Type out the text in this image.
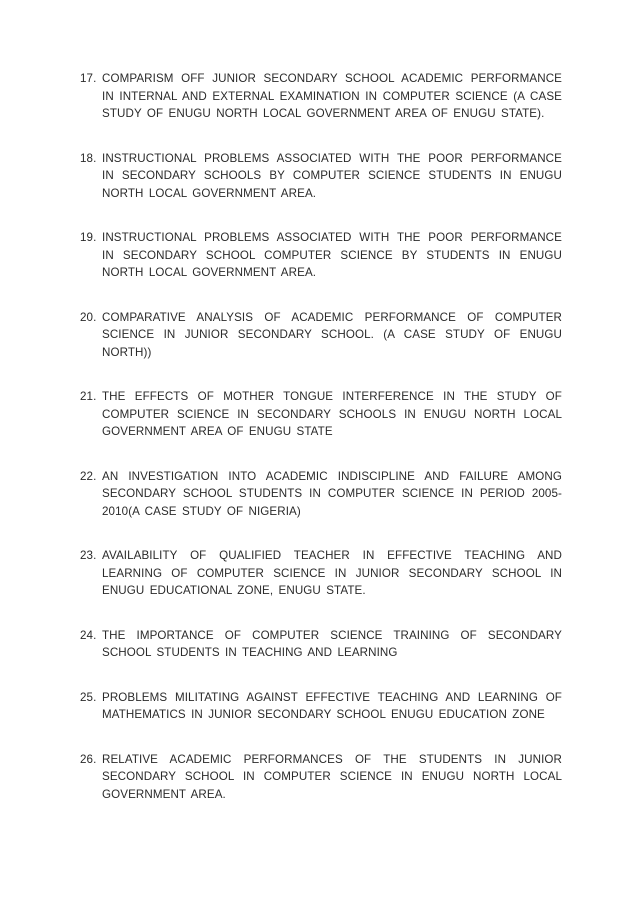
17. COMPARISM OFF JUNIOR SECONDARY SCHOOL ACADEMIC PERFORMANCE IN INTERNAL AND EXTERNAL EXAMINATION IN COMPUTER SCIENCE (A CASE STUDY OF ENUGU NORTH LOCAL GOVERNMENT AREA OF ENUGU STATE).
18. INSTRUCTIONAL PROBLEMS ASSOCIATED WITH THE POOR PERFORMANCE IN SECONDARY SCHOOLS BY COMPUTER SCIENCE STUDENTS IN ENUGU NORTH LOCAL GOVERNMENT AREA.
19. INSTRUCTIONAL PROBLEMS ASSOCIATED WITH THE POOR PERFORMANCE IN SECONDARY SCHOOL COMPUTER SCIENCE BY STUDENTS IN ENUGU NORTH LOCAL GOVERNMENT AREA.
20. COMPARATIVE ANALYSIS OF ACADEMIC PERFORMANCE OF COMPUTER SCIENCE IN JUNIOR SECONDARY SCHOOL. (A CASE STUDY OF ENUGU NORTH))
21. THE EFFECTS OF MOTHER TONGUE INTERFERENCE IN THE STUDY OF COMPUTER SCIENCE IN SECONDARY SCHOOLS IN ENUGU NORTH LOCAL GOVERNMENT AREA OF ENUGU STATE
22. AN INVESTIGATION INTO ACADEMIC INDISCIPLINE AND FAILURE AMONG SECONDARY SCHOOL STUDENTS IN COMPUTER SCIENCE IN PERIOD 2005-2010(A CASE STUDY OF NIGERIA)
23. AVAILABILITY OF QUALIFIED TEACHER IN EFFECTIVE TEACHING AND LEARNING OF COMPUTER SCIENCE IN JUNIOR SECONDARY SCHOOL IN ENUGU EDUCATIONAL ZONE, ENUGU STATE.
24. THE IMPORTANCE OF COMPUTER SCIENCE TRAINING OF SECONDARY SCHOOL STUDENTS IN TEACHING AND LEARNING
25. PROBLEMS MILITATING AGAINST EFFECTIVE TEACHING AND LEARNING OF MATHEMATICS IN JUNIOR SECONDARY SCHOOL ENUGU EDUCATION ZONE
26. RELATIVE ACADEMIC PERFORMANCES OF THE STUDENTS IN JUNIOR SECONDARY SCHOOL IN COMPUTER SCIENCE IN ENUGU NORTH LOCAL GOVERNMENT AREA.
